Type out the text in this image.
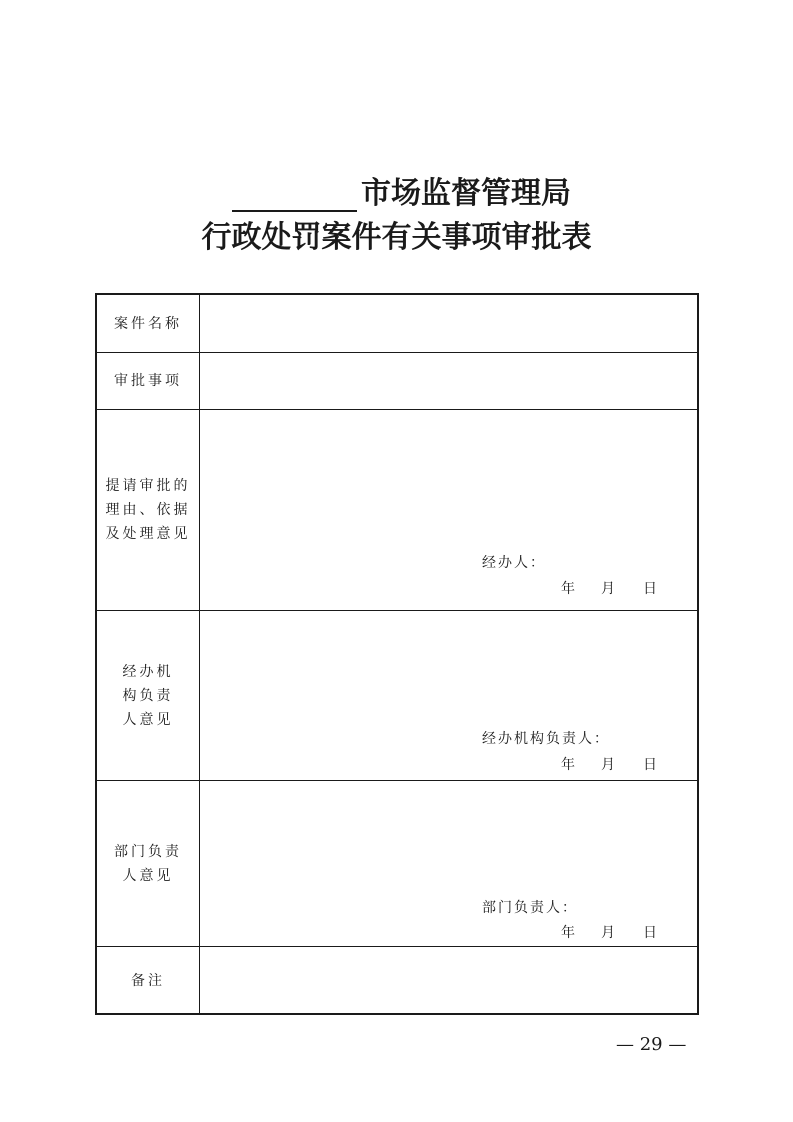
市场监督管理局
行政处罚案件有关事项审批表
案件名称
审批事项
提请审批的
理由、依据
及处理意见
经办机
构负责
人意见
部门负责
人意见
备注
经办人：
年 月 日
经办机构负责人：
年 月 日
部门负责人：
年 月 日
— 29 —
